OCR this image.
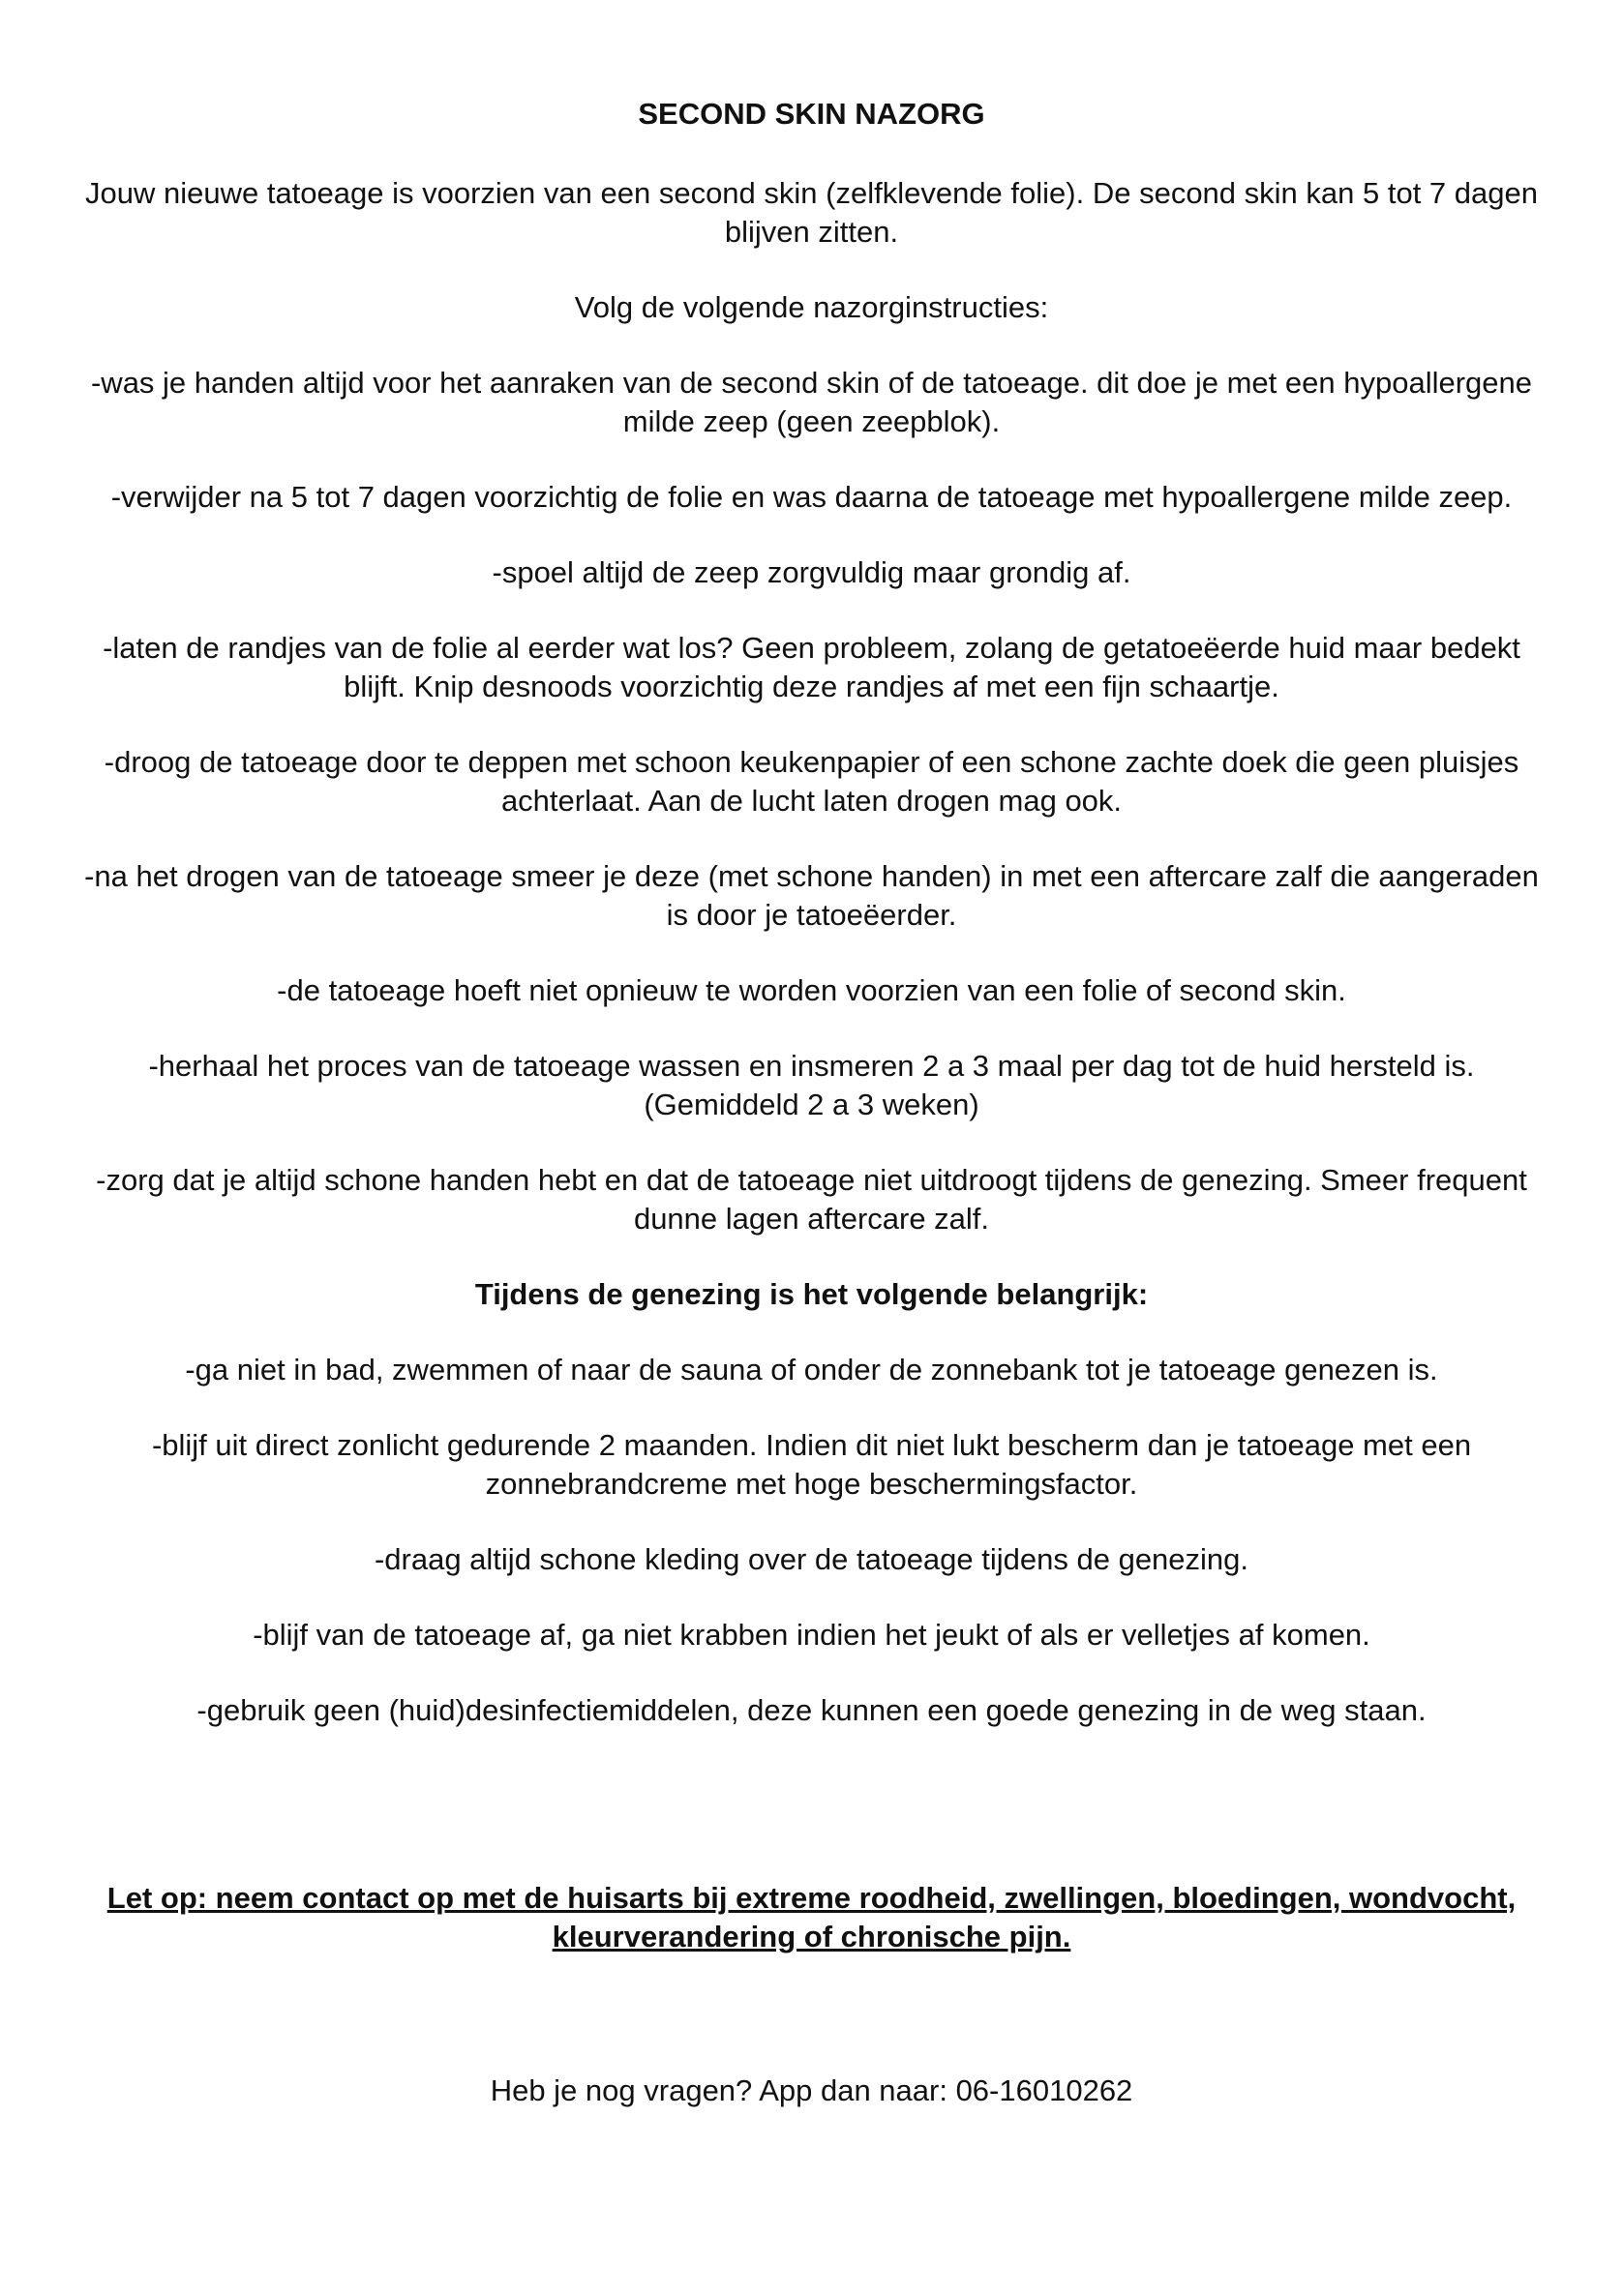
SECOND SKIN NAZORG

Jouw nieuwe tatoeage is voorzien van een second skin (zelfklevende folie). De second skin kan 5 tot 7 dagen blijven zitten.

Volg de volgende nazorginstructies:

-was je handen altijd voor het aanraken van de second skin of de tatoeage. dit doe je met een hypoallergene milde zeep (geen zeepblok).

-verwijder na 5 tot 7 dagen voorzichtig de folie en was daarna de tatoeage met hypoallergene milde zeep.

-spoel altijd de zeep zorgvuldig maar grondig af.

-laten de randjes van de folie al eerder wat los? Geen probleem, zolang de getatoeëerde huid maar bedekt blijft. Knip desnoods voorzichtig deze randjes af met een fijn schaartje.

-droog de tatoeage door te deppen met schoon keukenpapier of een schone zachte doek die geen pluisjes achterlaat. Aan de lucht laten drogen mag ook.

-na het drogen van de tatoeage smeer je deze (met schone handen) in met een aftercare zalf die aangeraden is door je tatoeëerder.

-de tatoeage hoeft niet opnieuw te worden voorzien van een folie of second skin.

-herhaal het proces van de tatoeage wassen en insmeren 2 a 3 maal per dag tot de huid hersteld is. (Gemiddeld 2 a 3 weken)

-zorg dat je altijd schone handen hebt en dat de tatoeage niet uitdroogt tijdens de genezing. Smeer frequent dunne lagen aftercare zalf.

Tijdens de genezing is het volgende belangrijk:

-ga niet in bad, zwemmen of naar de sauna of onder de zonnebank tot je tatoeage genezen is.

-blijf uit direct zonlicht gedurende 2 maanden. Indien dit niet lukt bescherm dan je tatoeage met een zonnebrandcreme met hoge beschermingsfactor.

-draag altijd schone kleding over de tatoeage tijdens de genezing.

-blijf van de tatoeage af, ga niet krabben indien het jeukt of als er velletjes af komen.

-gebruik geen (huid)desinfectiemiddelen, deze kunnen een goede genezing in de weg staan.

Let op: neem contact op met de huisarts bij extreme roodheid, zwellingen, bloedingen, wondvocht, kleurverandering of chronische pijn.

Heb je nog vragen? App dan naar: 06-16010262
